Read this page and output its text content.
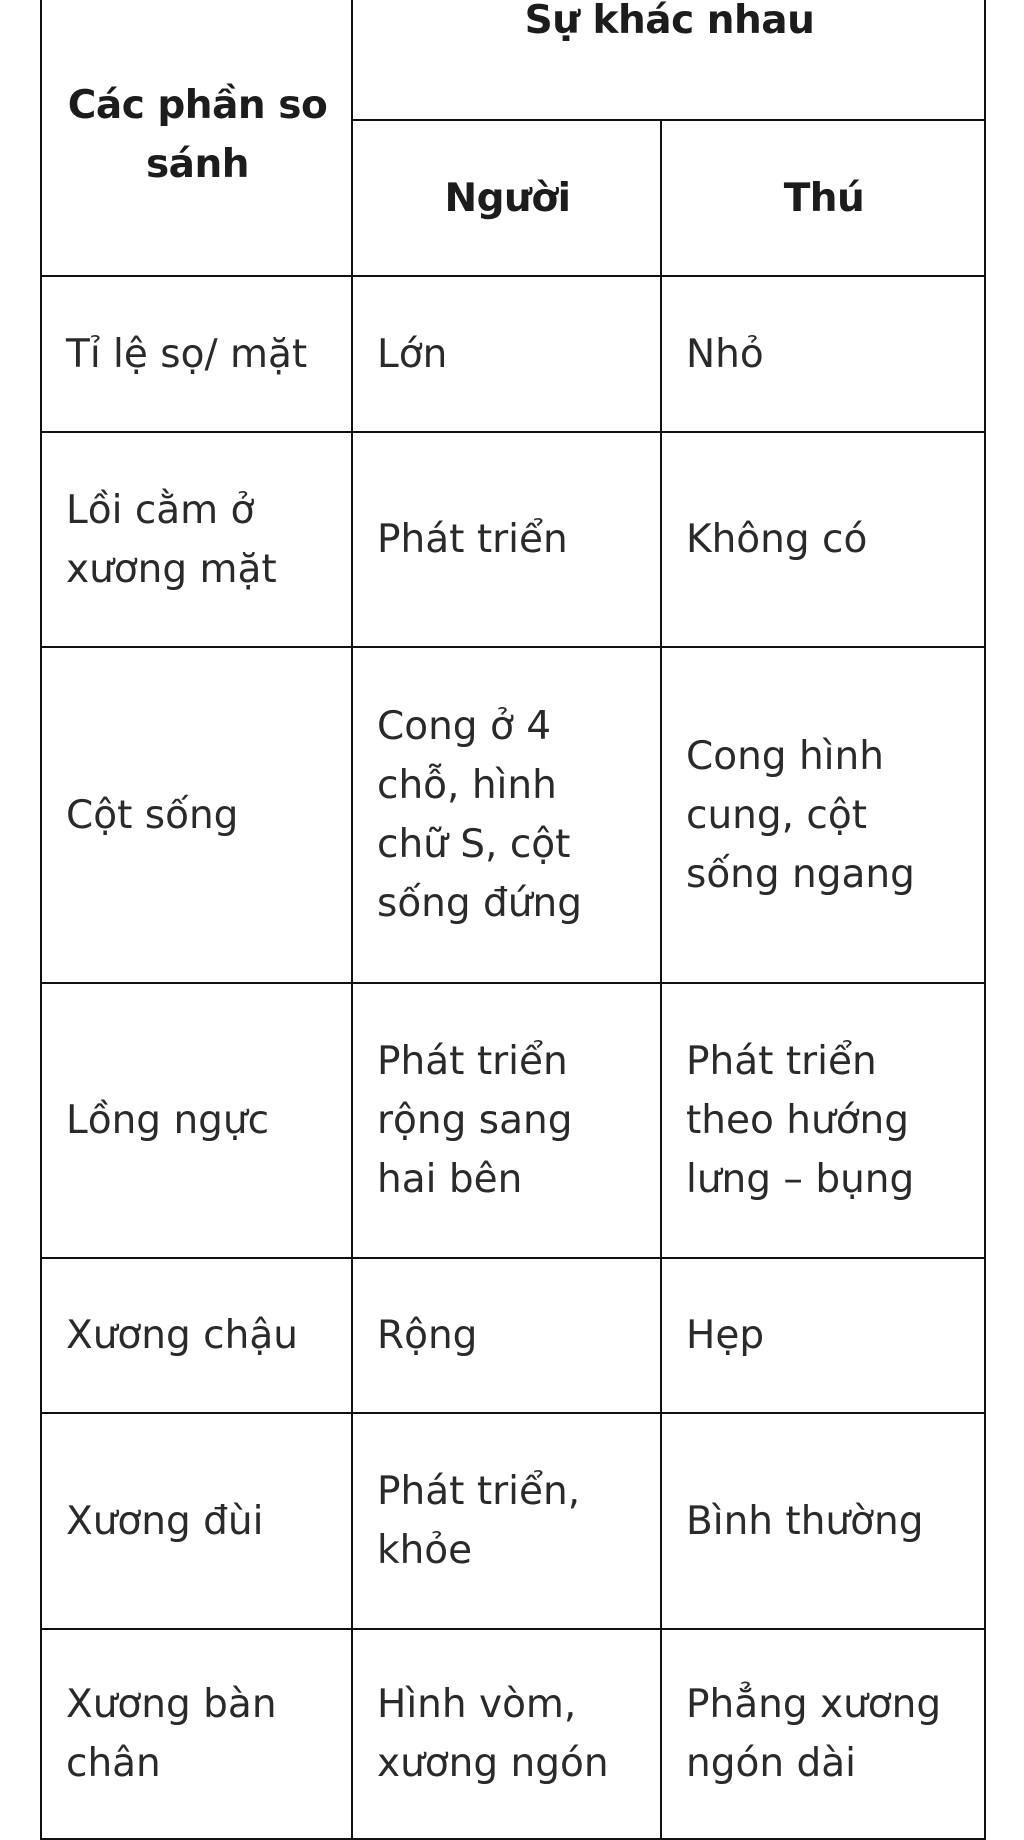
Các phần so sánh	Sự khác nhau	
	Người	Thú
Tỉ lệ sọ/ mặt	Lớn	Nhỏ
Lồi cằm ở xương mặt	Phát triển	Không có
Cột sống	Cong ở 4 chỗ, hình chữ S, cột sống đứng	Cong hình cung, cột sống ngang
Lồng ngực	Phát triển rộng sang hai bên	Phát triển theo hướng lưng – bụng
Xương chậu	Rộng	Hẹp
Xương đùi	Phát triển, khỏe	Bình thường
Xương bàn chân	Hình vòm, xương ngón	Phẳng xương ngón dài
